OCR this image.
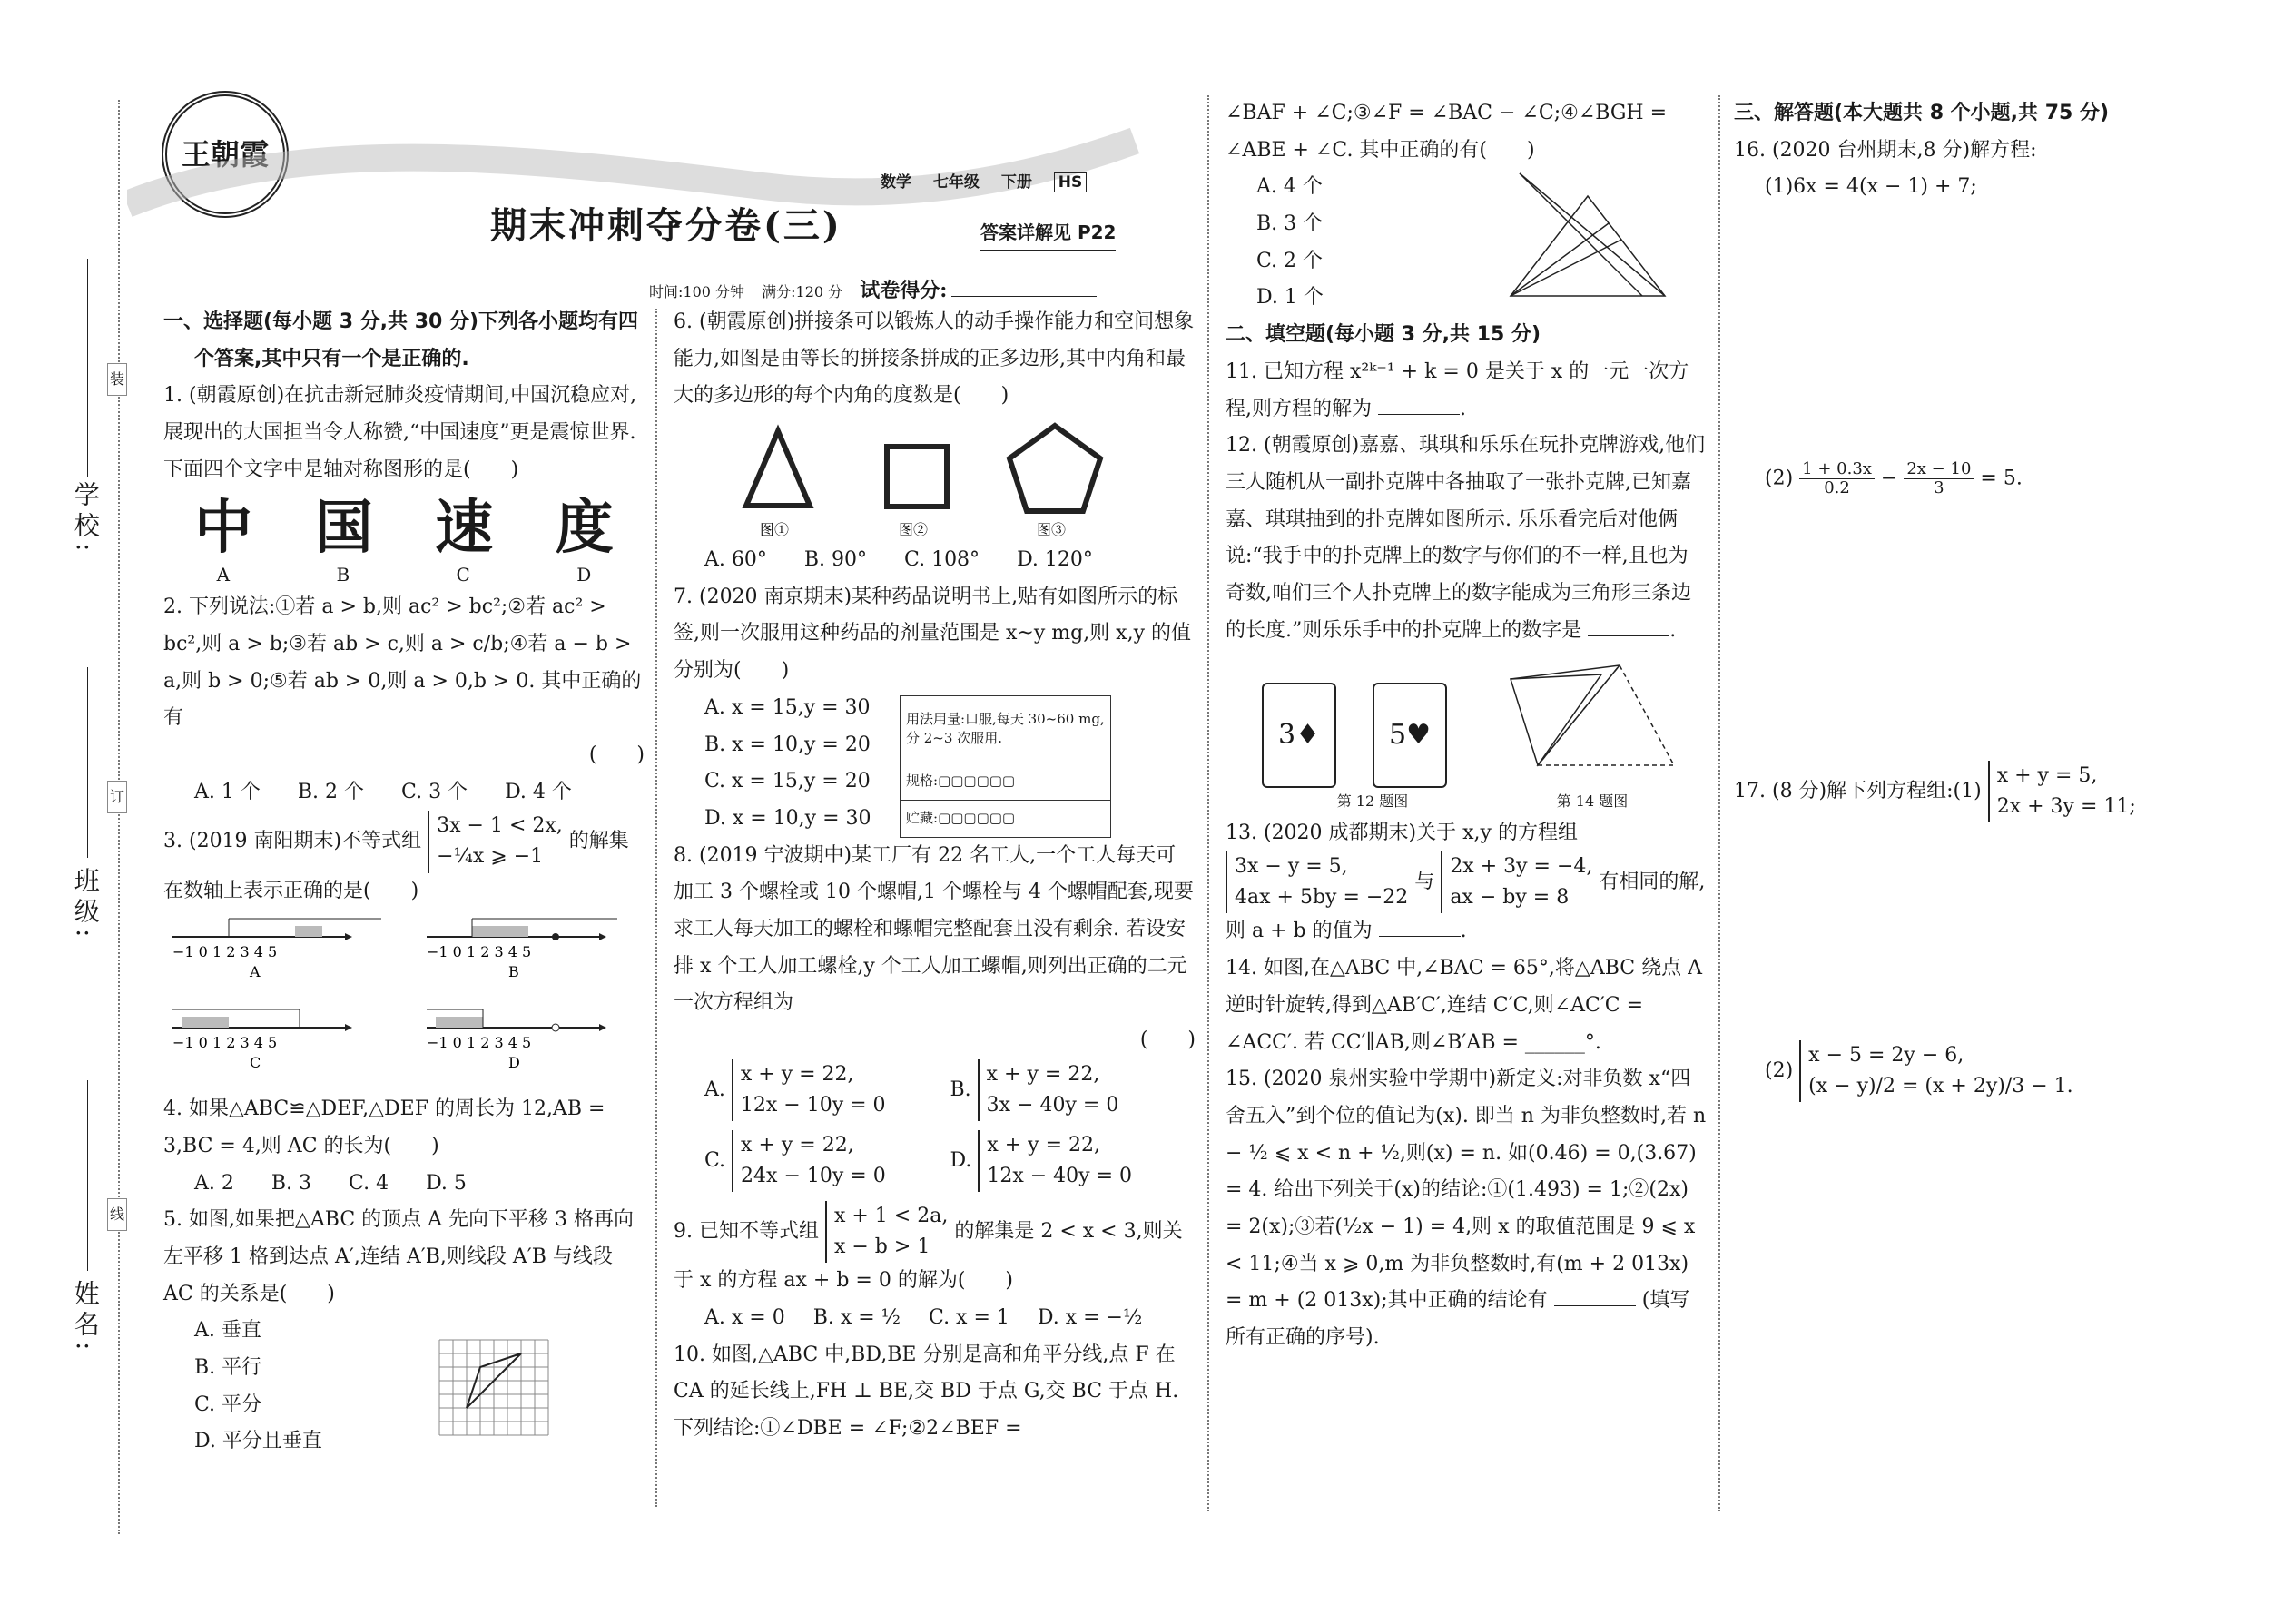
王朝霞
期末冲刺夺分卷(三)
数学 七年级 下册 HS
答案详解见 P22
时间:100 分钟 满分:120 分 试卷得分:
学校:
班级:
姓名:
装
订
线

一、选择题(每小题 3 分,共 30 分)下列各小题均有四

个答案,其中只有一个是正确的.

1. (朝霞原创)在抗击新冠肺炎疫情期间,中国沉稳应对,展现出的大国担当令人称赞,“中国速度”更是震惊世界.下面四个文字中是轴对称图形的是(　　)

中 国 速 度
A	B	C	D

2. 下列说法:①若 a > b,则 ac² > bc²;②若 ac² > bc²,则 a > b;③若 ab > c,则 a > c/b;④若 a − b > a,则 b > 0;⑤若 ab > 0,则 a > 0,b > 0. 其中正确的有

(　　)

A. 1 个 B. 2 个 C. 3 个 D. 4 个

3. (2019 南阳期末)不等式组 3x − 1 < 2x,
−¼x ⩾ −1 的解集在数轴上表示正确的是(　　)

−1 0 1 2 3 4 5
A
−1 0 1 2 3 4 5
B
−1 0 1 2 3 4 5
C
−1 0 1 2 3 4 5
D

4. 如果△ABC≌△DEF,△DEF 的周长为 12,AB = 3,BC = 4,则 AC 的长为(　　)

A. 2 B. 3 C. 4 D. 5

5. 如图,如果把△ABC 的顶点 A 先向下平移 3 格再向左平移 1 格到达点 A′,连结 A′B,则线段 A′B 与线段 AC 的关系是(　　)

A. 垂直

B. 平行

C. 平分

D. 平分且垂直

6. (朝霞原创)拼接条可以锻炼人的动手操作能力和空间想象能力,如图是由等长的拼接条拼成的正多边形,其中内角和最大的多边形的每个内角的度数是(　　)

图①	图②	图③

A. 60° B. 90° C. 108° D. 120°

7. (2020 南京期末)某种药品说明书上,贴有如图所示的标签,则一次服用这种药品的剂量范围是 x~y mg,则 x,y 的值分别为(　　)

A. x = 15,y = 30

B. x = 10,y = 20

C. x = 15,y = 20

D. x = 10,y = 30

用法用量:口服,每天 30~60 mg,
分 2~3 次服用.
规格:▢▢▢▢▢▢
贮藏:▢▢▢▢▢▢

8. (2019 宁波期中)某工厂有 22 名工人,一个工人每天可加工 3 个螺栓或 10 个螺帽,1 个螺栓与 4 个螺帽配套,现要求工人每天加工的螺栓和螺帽完整配套且没有剩余. 若设安排 x 个工人加工螺栓,y 个工人加工螺帽,则列出正确的二元一次方程组为

(　　)

A. x + y = 22,
12x − 10y = 0
B. x + y = 22,
3x − 40y = 0
C. x + y = 22,
24x − 10y = 0
D. x + y = 22,
12x − 40y = 0

9. 已知不等式组 x + 1 < 2a,
x − b > 1 的解集是 2 < x < 3,则关于 x 的方程 ax + b = 0 的解为(　　)

A. x = 0 B. x = ½ C. x = 1 D. x = −½

10. 如图,△ABC 中,BD,BE 分别是高和角平分线,点 F 在 CA 的延长线上,FH ⊥ BE,交 BD 于点 G,交 BC 于点 H. 下列结论:①∠DBE = ∠F;②2∠BEF =

∠BAF + ∠C;③∠F = ∠BAC − ∠C;④∠BGH = ∠ABE + ∠C. 其中正确的有(　　)

A. 4 个

B. 3 个

C. 2 个

D. 1 个

二、填空题(每小题 3 分,共 15 分)

11. 已知方程 x²ᵏ⁻¹ + k = 0 是关于 x 的一元一次方程,则方程的解为	.

12. (朝霞原创)嘉嘉、琪琪和乐乐在玩扑克牌游戏,他们三人随机从一副扑克牌中各抽取了一张扑克牌,已知嘉嘉、琪琪抽到的扑克牌如图所示. 乐乐看完后对他俩说:“我手中的扑克牌上的数字与你们的不一样,且也为奇数,咱们三个人扑克牌上的数字能成为三角形三条边的长度.”则乐乐手中的扑克牌上的数字是	.

3♦	5♥

第 12 题图	第 14 题图

13. (2020 成都期末)关于 x,y 的方程组 3x − y = 5,
4ax + 5by = −22 与 2x + 3y = −4,
ax − by = 8 有相同的解,则 a + b 的值为	.

14. 如图,在△ABC 中,∠BAC = 65°,将△ABC 绕点 A 逆时针旋转,得到△AB′C′,连结 C′C,则∠AC′C = ∠ACC′. 若 CC′∥AB,则∠B′AB = ______°.

15. (2020 泉州实验中学期中)新定义:对非负数 x“四舍五入”到个位的值记为(x). 即当 n 为非负整数时,若 n − ½ ⩽ x < n + ½,则(x) = n. 如(0.46) = 0,(3.67) = 4. 给出下列关于(x)的结论:①(1.493) = 1;②(2x) = 2(x);③若(½x − 1) = 4,则 x 的取值范围是 9 ⩽ x < 11;④当 x ⩾ 0,m 为非负整数时,有(m + 2 013x) = m + (2 013x);其中正确的结论有	(填写所有正确的序号).

三、解答题(本大题共 8 个小题,共 75 分)

16. (2020 台州期末,8 分)解方程:

(1)6x = 4(x − 1) + 7;

$(2) \frac{1 + 0.3x}{0.2} - \frac{2x - 10}{3} = 5$.

17. (8 分)解下列方程组:(1) x + y = 5,
2x + 3y = 11;

(2) x − 5 = 2y − 6,
(x − y)/2 = (x + 2y)/3 − 1.
